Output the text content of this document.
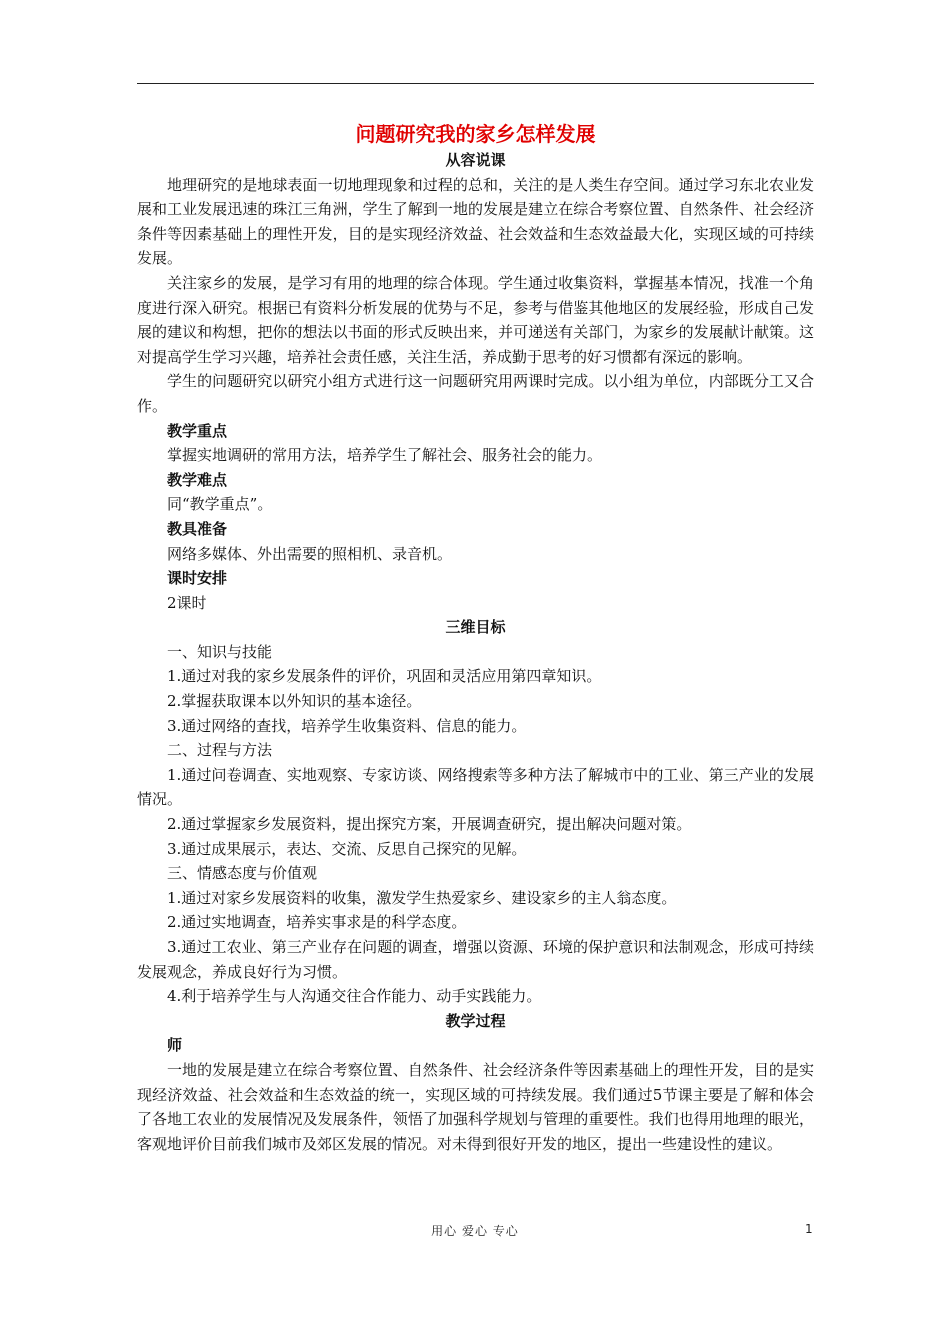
问题研究我的家乡怎样发展

从容说课

地理研究的是地球表面一切地理现象和过程的总和，关注的是人类生存空间。通过学习东北农业发展和工业发展迅速的珠江三角洲，学生了解到一地的发展是建立在综合考察位置、自然条件、社会经济条件等因素基础上的理性开发，目的是实现经济效益、社会效益和生态效益最大化，实现区域的可持续发展。

关注家乡的发展，是学习有用的地理的综合体现。学生通过收集资料，掌握基本情况，找准一个角度进行深入研究。根据已有资料分析发展的优势与不足，参考与借鉴其他地区的发展经验，形成自己发展的建议和构想，把你的想法以书面的形式反映出来，并可递送有关部门，为家乡的发展献计献策。这对提高学生学习兴趣，培养社会责任感，关注生活，养成勤于思考的好习惯都有深远的影响。

学生的问题研究以研究小组方式进行这一问题研究用两课时完成。以小组为单位，内部既分工又合作。

教学重点

掌握实地调研的常用方法，培养学生了解社会、服务社会的能力。

教学难点

同“教学重点”。

教具准备

网络多媒体、外出需要的照相机、录音机。

课时安排

2课时

三维目标

一、知识与技能

1.通过对我的家乡发展条件的评价，巩固和灵活应用第四章知识。

2.掌握获取课本以外知识的基本途径。

3.通过网络的查找，培养学生收集资料、信息的能力。

二、过程与方法

1.通过问卷调查、实地观察、专家访谈、网络搜索等多种方法了解城市中的工业、第三产业的发展情况。

2.通过掌握家乡发展资料，提出探究方案，开展调查研究，提出解决问题对策。

3.通过成果展示，表达、交流、反思自己探究的见解。

三、情感态度与价值观

1.通过对家乡发展资料的收集，激发学生热爱家乡、建设家乡的主人翁态度。

2.通过实地调查，培养实事求是的科学态度。

3.通过工农业、第三产业存在问题的调查，增强以资源、环境的保护意识和法制观念，形成可持续发展观念，养成良好行为习惯。

4.利于培养学生与人沟通交往合作能力、动手实践能力。

教学过程

师

一地的发展是建立在综合考察位置、自然条件、社会经济条件等因素基础上的理性开发，目的是实现经济效益、社会效益和生态效益的统一，实现区域的可持续发展。我们通过5节课主要是了解和体会了各地工农业的发展情况及发展条件，领悟了加强科学规划与管理的重要性。我们也得用地理的眼光，客观地评价目前我们城市及郊区发展的情况。对未得到很好开发的地区，提出一些建设性的建议。

用心 爱心 专心	1
